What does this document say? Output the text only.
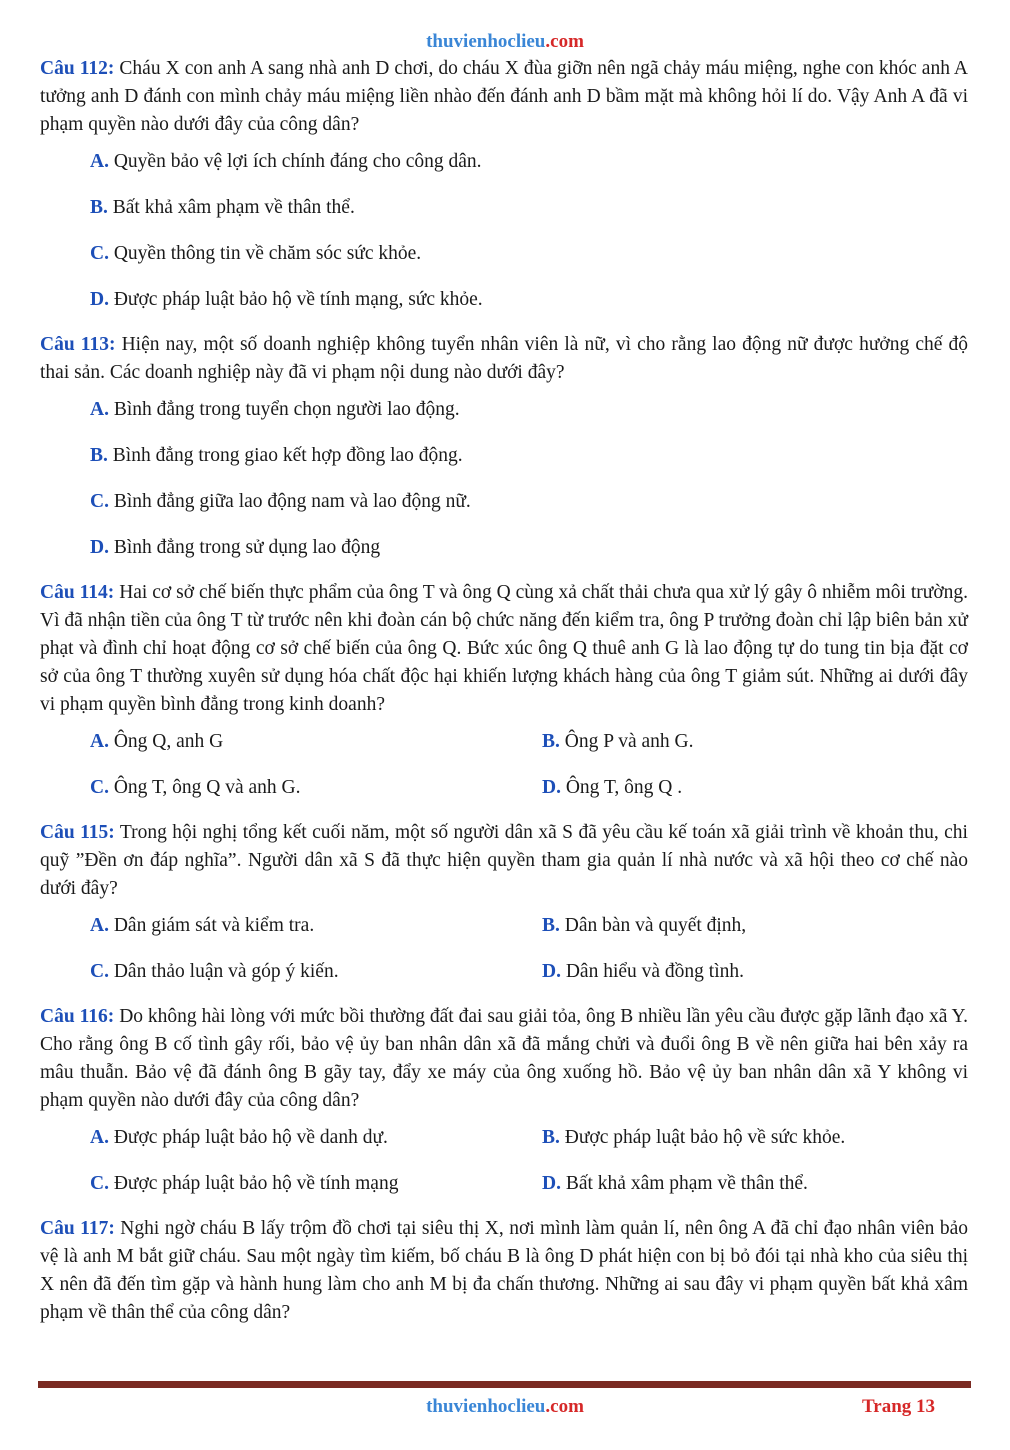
thuvienhoclieu.com

Câu 112: Cháu X con anh A sang nhà anh D chơi, do cháu X đùa giỡn nên ngã chảy máu miệng, nghe con khóc anh A tưởng anh D đánh con mình chảy máu miệng liền nhào đến đánh anh D bầm mặt mà không hỏi lí do. Vậy Anh A đã vi phạm quyền nào dưới đây của công dân?

A. Quyền bảo vệ lợi ích chính đáng cho công dân.
B. Bất khả xâm phạm về thân thể.
C. Quyền thông tin về chăm sóc sức khỏe.
D. Được pháp luật bảo hộ về tính mạng, sức khỏe.

Câu 113: Hiện nay, một số doanh nghiệp không tuyển nhân viên là nữ, vì cho rằng lao động nữ được hưởng chế độ thai sản. Các doanh nghiệp này đã vi phạm nội dung nào dưới đây?

A. Bình đẳng trong tuyển chọn người lao động.
B. Bình đẳng trong giao kết hợp đồng lao động.
C. Bình đẳng giữa lao động nam và lao động nữ.
D. Bình đẳng trong sử dụng lao động

Câu 114: Hai cơ sở chế biến thực phẩm của ông T và ông Q cùng xả chất thải chưa qua xử lý gây ô nhiễm môi trường. Vì đã nhận tiền của ông T từ trước nên khi đoàn cán bộ chức năng đến kiểm tra, ông P trưởng đoàn chỉ lập biên bản xử phạt và đình chỉ hoạt động cơ sở chế biến của ông Q. Bức xúc ông Q thuê anh G là lao động tự do tung tin bịa đặt cơ sở của ông T thường xuyên sử dụng hóa chất độc hại khiến lượng khách hàng của ông T giảm sút. Những ai dưới đây vi phạm quyền bình đẳng trong kinh doanh?

A. Ông Q, anh G	B. Ông P và anh G.
C. Ông T, ông Q và anh G.	D. Ông T, ông Q .

Câu 115: Trong hội nghị tổng kết cuối năm, một số người dân xã S đã yêu cầu kế toán xã giải trình về khoản thu, chi quỹ ”Đền ơn đáp nghĩa”. Người dân xã S đã thực hiện quyền tham gia quản lí nhà nước và xã hội theo cơ chế nào dưới đây?

A. Dân giám sát và kiểm tra.	B. Dân bàn và quyết định,
C. Dân thảo luận và góp ý kiến.	D. Dân hiểu và đồng tình.

Câu 116: Do không hài lòng với mức bồi thường đất đai sau giải tỏa, ông B nhiều lần yêu cầu được gặp lãnh đạo xã Y. Cho rằng ông B cố tình gây rối, bảo vệ ủy ban nhân dân xã đã mắng chửi và đuổi ông B về nên giữa hai bên xảy ra mâu thuẫn. Bảo vệ đã đánh ông B gãy tay, đẩy xe máy của ông xuống hồ. Bảo vệ ủy ban nhân dân xã Y không vi phạm quyền nào dưới đây của công dân?

A. Được pháp luật bảo hộ về danh dự.	B. Được pháp luật bảo hộ về sức khỏe.
C. Được pháp luật bảo hộ về tính mạng	D. Bất khả xâm phạm về thân thể.

Câu 117: Nghi ngờ cháu B lấy trộm đồ chơi tại siêu thị X, nơi mình làm quản lí, nên ông A đã chỉ đạo nhân viên bảo vệ là anh M bắt giữ cháu. Sau một ngày tìm kiếm, bố cháu B là ông D phát hiện con bị bỏ đói tại nhà kho của siêu thị X nên đã đến tìm gặp và hành hung làm cho anh M bị đa chấn thương. Những ai sau đây vi phạm quyền bất khả xâm phạm về thân thể của công dân?

thuvienhoclieu.com	Trang 13
